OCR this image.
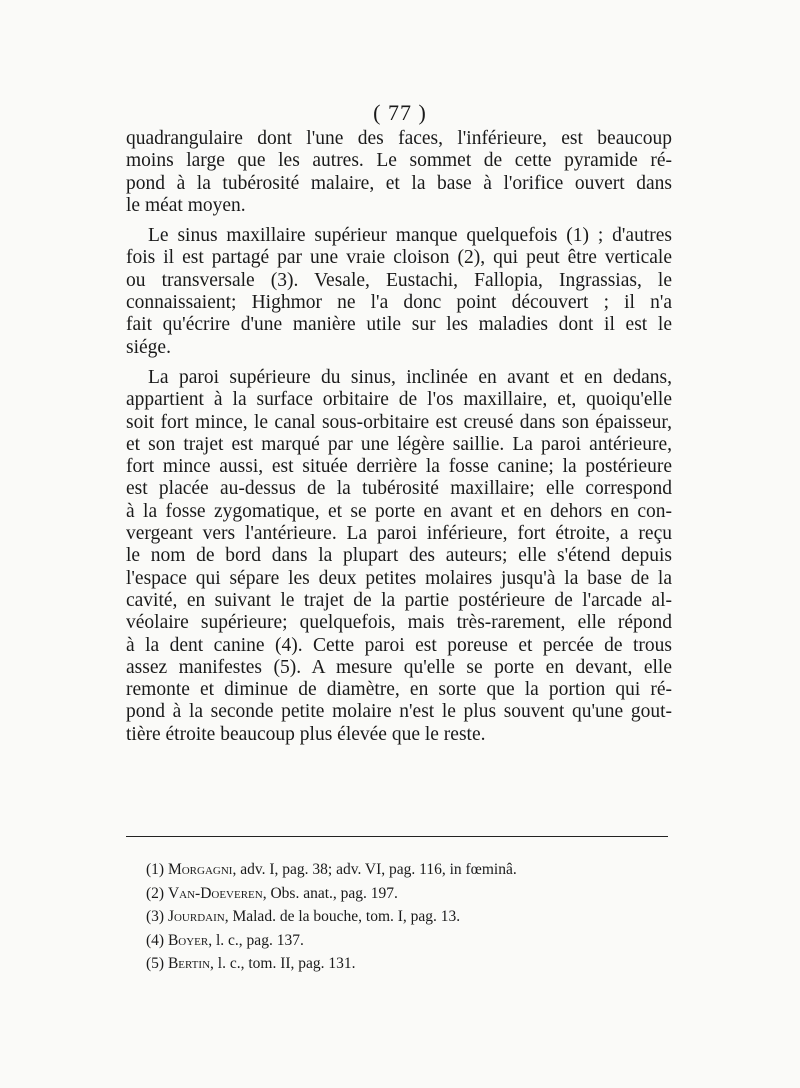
( 77 )
quadrangulaire dont l'une des faces, l'inférieure, est beaucoup
moins large que les autres. Le sommet de cette pyramide ré-
pond à la tubérosité malaire, et la base à l'orifice ouvert dans
le méat moyen.
Le sinus maxillaire supérieur manque quelquefois (1) ; d'autres
fois il est partagé par une vraie cloison (2), qui peut être verticale
ou transversale (3). Vesale, Eustachi, Fallopia, Ingrassias, le
connaissaient; Highmor ne l'a donc point découvert ; il n'a
fait qu'écrire d'une manière utile sur les maladies dont il est le
siége.
La paroi supérieure du sinus, inclinée en avant et en dedans,
appartient à la surface orbitaire de l'os maxillaire, et, quoiqu'elle
soit fort mince, le canal sous-orbitaire est creusé dans son épaisseur,
et son trajet est marqué par une légère saillie. La paroi antérieure,
fort mince aussi, est située derrière la fosse canine; la postérieure
est placée au-dessus de la tubérosité maxillaire; elle correspond
à la fosse zygomatique, et se porte en avant et en dehors en con-
vergeant vers l'antérieure. La paroi inférieure, fort étroite, a reçu
le nom de bord dans la plupart des auteurs; elle s'étend depuis
l'espace qui sépare les deux petites molaires jusqu'à la base de la
cavité, en suivant le trajet de la partie postérieure de l'arcade al-
véolaire supérieure; quelquefois, mais très-rarement, elle répond
à la dent canine (4). Cette paroi est poreuse et percée de trous
assez manifestes (5). A mesure qu'elle se porte en devant, elle
remonte et diminue de diamètre, en sorte que la portion qui ré-
pond à la seconde petite molaire n'est le plus souvent qu'une gout-
tière étroite beaucoup plus élevée que le reste.
(1) Morgagni, adv. I, pag. 38; adv. VI, pag. 116, in fœminâ.
(2) Van-Doeveren, Obs. anat., pag. 197.
(3) Jourdain, Malad. de la bouche, tom. I, pag. 13.
(4) Boyer, l. c., pag. 137.
(5) Bertin, l. c., tom. II, pag. 131.
